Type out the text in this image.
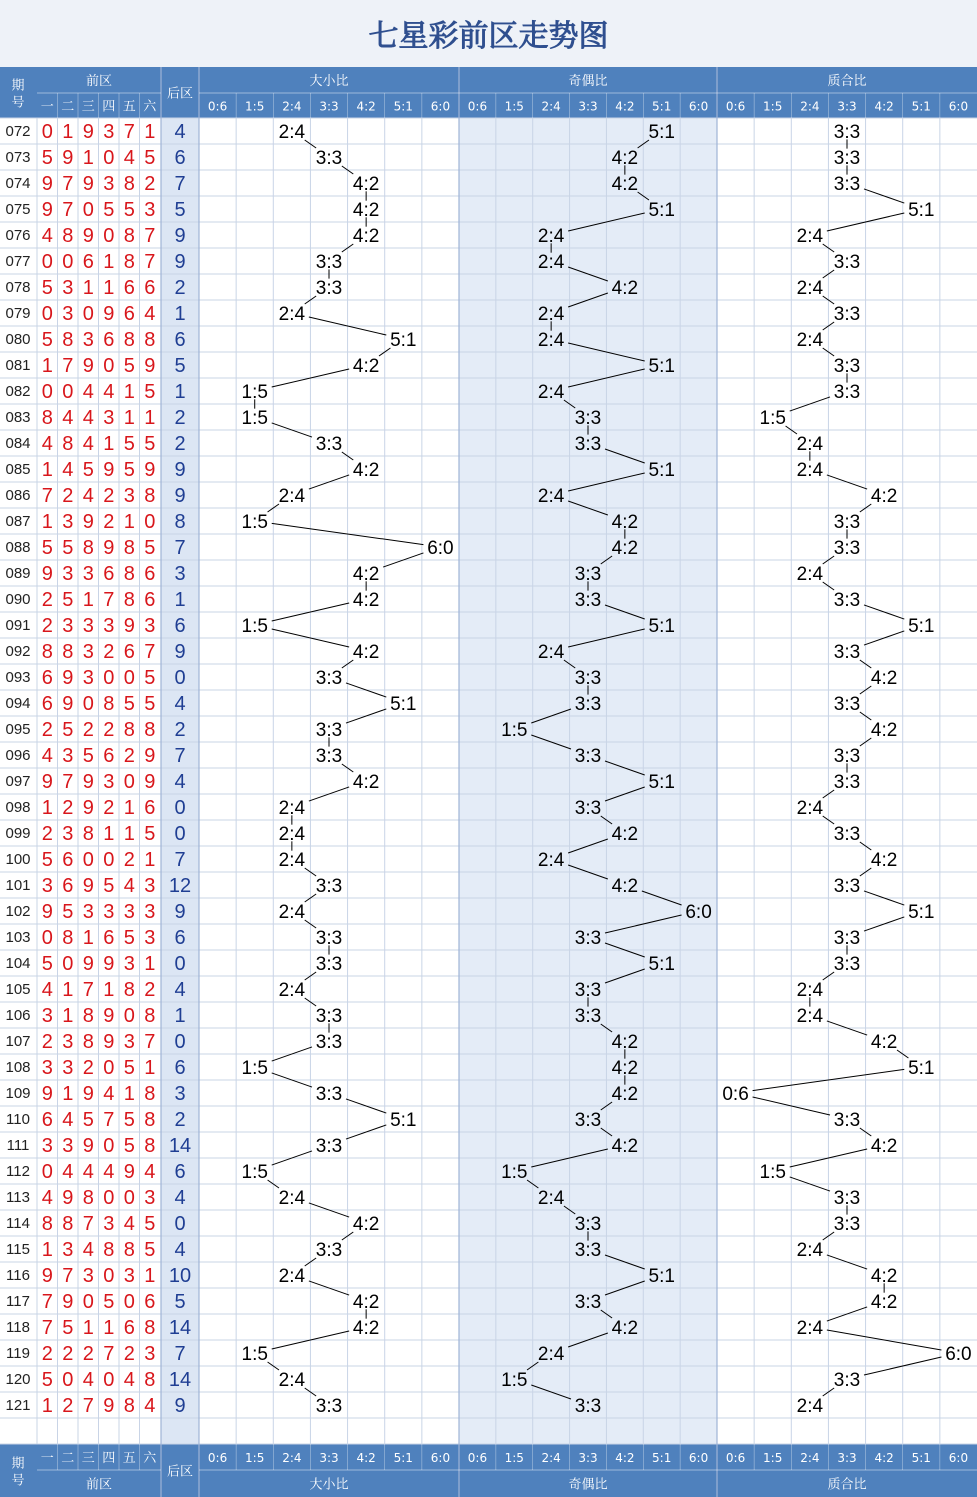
期
号
后区
前区
一 二 三 四 五 六
大小比
0:6 1:5 2:4 3:3 4:2 5:1 6:0
奇偶比
0:6 1:5 2:4 3:3 4:2 5:1 6:0
质合比
0:6 1:5 2:4 3:3 4:2 5:1 6:0
期
号
后区
前区
一 二 三 四 五 六
大小比
0:6 1:5 2:4 3:3 4:2 5:1 6:0
奇偶比
0:6 1:5 2:4 3:3 4:2 5:1 6:0
质合比
0:6 1:5 2:4 3:3 4:2 5:1 6:0
七星彩前区走势图
072 0 1 9 3 7 1 4	2:4	5:1	3:3
073 5 9 1 0 4 5 6	3:3	4:2	3:3
074 9 7 9 3 8 2 7	4:2	4:2	3:3
075 9 7 0 5 5 3 5	4:2	5:1	5:1
076 4 8 9 0 8 7 9	4:2	2:4	2:4
077 0 0 6 1 8 7 9	3:3	2:4	3:3
078 5 3 1 1 6 6 2	3:3	4:2	2:4
079 0 3 0 9 6 4 1	2:4	2:4	3:3
080 5 8 3 6 8 8 6	5:1	2:4	2:4
081 1 7 9 0 5 9 5	4:2	5:1	3:3
082 0 0 4 4 1 5 1	1:5	2:4	3:3
083 8 4 4 3 1 1 2	1:5	3:3	1:5
084 4 8 4 1 5 5 2	3:3	3:3	2:4
085 1 4 5 9 5 9 9	4:2	5:1	2:4
086 7 2 4 2 3 8 9	2:4	2:4	4:2
087 1 3 9 2 1 0 8	1:5	4:2	3:3
088 5 5 8 9 8 5 7	6:0	4:2	3:3
089 9 3 3 6 8 6 3	4:2	3:3	2:4
090 2 5 1 7 8 6 1	4:2	3:3	3:3
091 2 3 3 3 9 3 6	1:5	5:1	5:1
092 8 8 3 2 6 7 9	4:2	2:4	3:3
093 6 9 3 0 0 5 0	3:3	3:3	4:2
094 6 9 0 8 5 5 4	5:1	3:3	3:3
095 2 5 2 2 8 8 2	3:3	1:5	4:2
096 4 3 5 6 2 9 7	3:3	3:3	3:3
097 9 7 9 3 0 9 4	4:2	5:1	3:3
098 1 2 9 2 1 6 0	2:4	3:3	2:4
099 2 3 8 1 1 5 0	2:4	4:2	3:3
100 5 6 0 0 2 1 7	2:4	2:4	4:2
101 3 6 9 5 4 3 12	3:3	4:2	3:3
102 9 5 3 3 3 3 9	2:4	6:0	5:1
103 0 8 1 6 5 3 6	3:3	3:3	3:3
104 5 0 9 9 3 1 0	3:3	5:1	3:3
105 4 1 7 1 8 2 4	2:4	3:3	2:4
106 3 1 8 9 0 8 1	3:3	3:3	2:4
107 2 3 8 9 3 7 0	3:3	4:2	4:2
108 3 3 2 0 5 1 6	1:5	4:2	5:1
109 9 1 9 4 1 8 3	3:3	4:2	0:6
110 6 4 5 7 5 8 2	5:1	3:3	3:3
111 3 3 9 0 5 8 14	3:3	4:2	4:2
112 0 4 4 4 9 4 6	1:5	1:5	1:5
113 4 9 8 0 0 3 4	2:4	2:4	3:3
114 8 8 7 3 4 5 0	4:2	3:3	3:3
115 1 3 4 8 8 5 4	3:3	3:3	2:4
116 9 7 3 0 3 1 10	2:4	5:1	4:2
117 7 9 0 5 0 6 5	4:2	3:3	4:2
118 7 5 1 1 6 8 14	4:2	4:2	2:4
119 2 2 2 7 2 3 7	1:5	2:4	6:0
120 5 0 4 0 4 8 14	2:4	1:5	3:3
121 1 2 7 9 8 4 9	3:3	3:3	2:4
